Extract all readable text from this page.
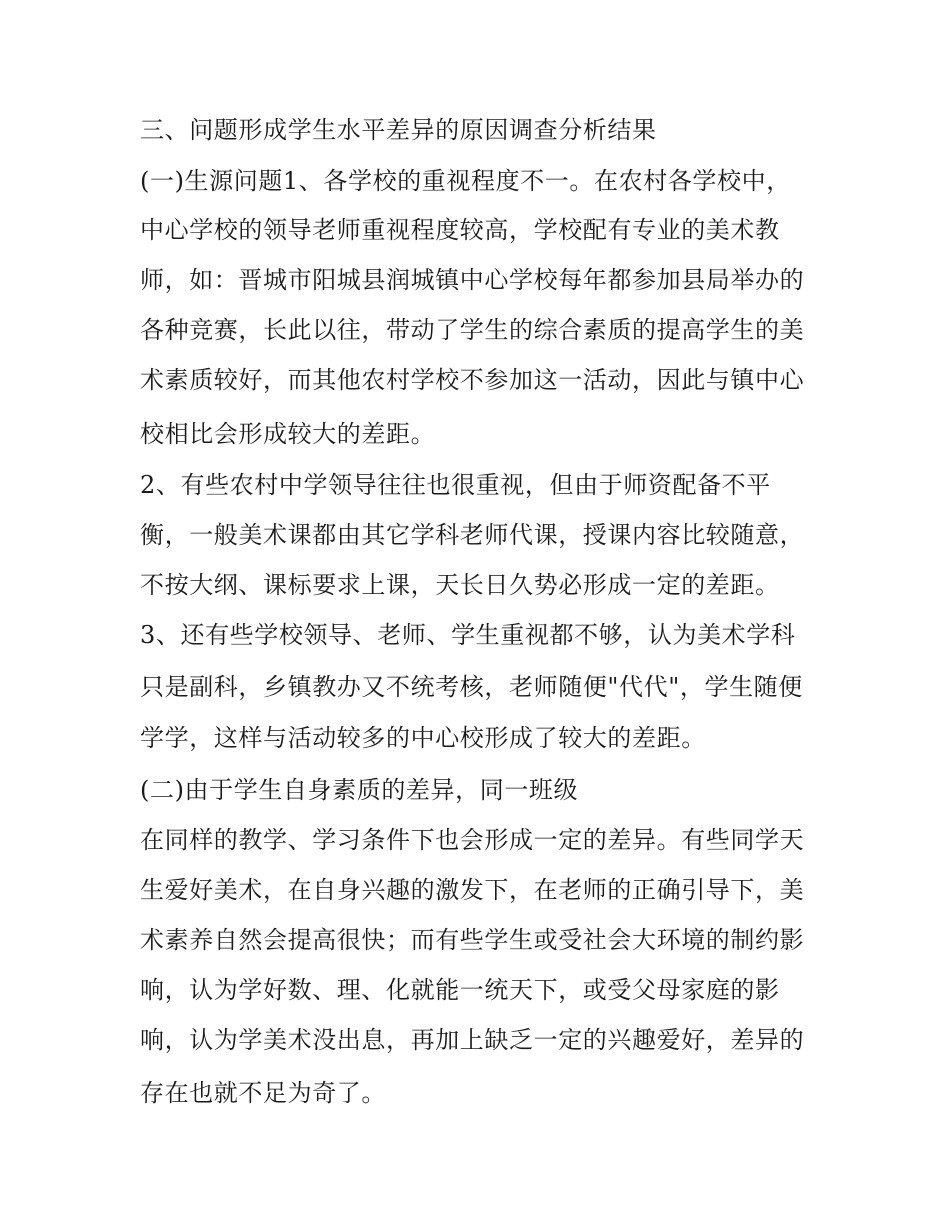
三、问题形成学生水平差异的原因调查分析结果
(一)生源问题1、各学校的重视程度不一。在农村各学校中，
中心学校的领导老师重视程度较高，学校配有专业的美术教
师，如：晋城市阳城县润城镇中心学校每年都参加县局举办的
各种竞赛，长此以往，带动了学生的综合素质的提高学生的美
术素质较好，而其他农村学校不参加这一活动，因此与镇中心
校相比会形成较大的差距。
2、有些农村中学领导往往也很重视，但由于师资配备不平
衡，一般美术课都由其它学科老师代课，授课内容比较随意，
不按大纲、课标要求上课，天长日久势必形成一定的差距。
3、还有些学校领导、老师、学生重视都不够，认为美术学科
只是副科，乡镇教办又不统考核，老师随便"代代"，学生随便
学学，这样与活动较多的中心校形成了较大的差距。
(二)由于学生自身素质的差异，同一班级
在同样的教学、学习条件下也会形成一定的差异。有些同学天
生爱好美术，在自身兴趣的激发下，在老师的正确引导下，美
术素养自然会提高很快；而有些学生或受社会大环境的制约影
响，认为学好数、理、化就能一统天下，或受父母家庭的影
响，认为学美术没出息，再加上缺乏一定的兴趣爱好，差异的
存在也就不足为奇了。
